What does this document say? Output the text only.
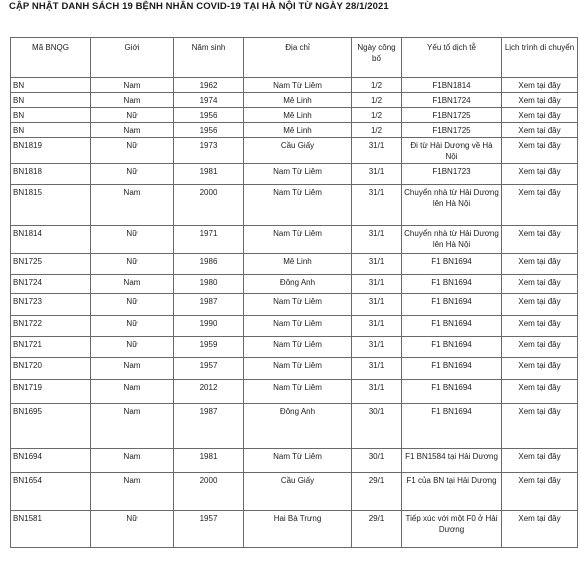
CẬP NHẬT DANH SÁCH 19 BỆNH NHÂN COVID-19 TẠI HÀ NỘI TỪ NGÀY 28/1/2021
Mã BNQG	Giới	Năm sinh	Địa chỉ	Ngày công bố	Yếu tố dịch tễ	Lịch trình di chuyển
BN	Nam	1962	Nam Từ Liêm	1/2	F1BN1814	Xem tại đây
BN	Nam	1974	Mê Linh	1/2	F1BN1724	Xem tại đây
BN	Nữ	1956	Mê Linh	1/2	F1BN1725	Xem tại đây
BN	Nam	1956	Mê Linh	1/2	F1BN1725	Xem tại đây
BN1819	Nữ	1973	Cầu Giấy	31/1	Đi từ Hải Dương về Hà Nội	Xem tại đây
BN1818	Nữ	1981	Nam Từ Liêm	31/1	F1BN1723	Xem tại đây
BN1815	Nam	2000	Nam Từ Liêm	31/1	Chuyển nhà từ Hải Dương lên Hà Nội	Xem tại đây
BN1814	Nữ	1971	Nam Từ Liêm	31/1	Chuyển nhà từ Hải Dương lên Hà Nội	Xem tại đây
BN1725	Nữ	1986	Mê Linh	31/1	F1 BN1694	Xem tại đây
BN1724	Nam	1980	Đông Anh	31/1	F1 BN1694	Xem tại đây
BN1723	Nữ	1987	Nam Từ Liêm	31/1	F1 BN1694	Xem tại đây
BN1722	Nữ	1990	Nam Từ Liêm	31/1	F1 BN1694	Xem tại đây
BN1721	Nữ	1959	Nam Từ Liêm	31/1	F1 BN1694	Xem tại đây
BN1720	Nam	1957	Nam Từ Liêm	31/1	F1 BN1694	Xem tại đây
BN1719	Nam	2012	Nam Từ Liêm	31/1	F1 BN1694	Xem tại đây
BN1695	Nam	1987	Đông Anh	30/1	F1 BN1694	Xem tại đây
BN1694	Nam	1981	Nam Từ Liêm	30/1	F1 BN1584 tại Hải Dương	Xem tại đây
BN1654	Nam	2000	Cầu Giấy	29/1	F1 của BN tại Hải Dương	Xem tại đây
BN1581	Nữ	1957	Hai Bà Trưng	29/1	Tiếp xúc với một F0 ở Hải Dương	Xem tại đây
